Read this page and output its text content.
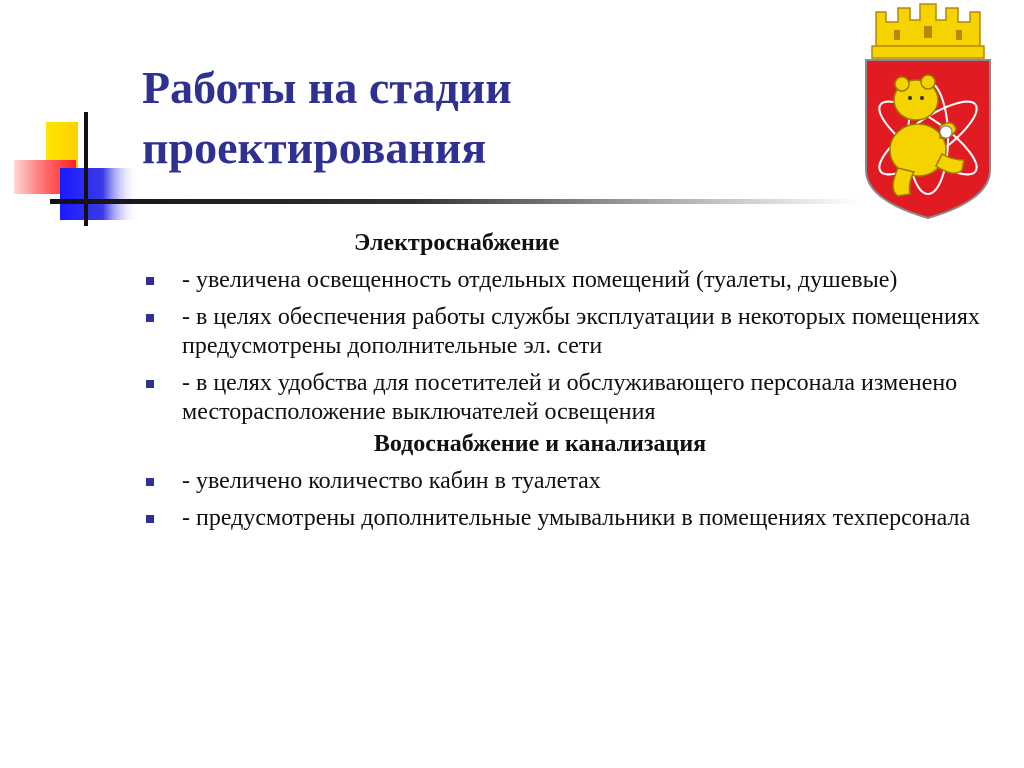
Работы на стадии
проектирования
Электроснабжение
- увеличена освещенность отдельных помещений (туалеты, душевые)
- в целях обеспечения работы службы эксплуатации в некоторых помещениях предусмотрены дополнительные эл. сети
- в целях удобства для посетителей и обслуживающего персонала изменено месторасположение выключателей освещения
Водоснабжение и канализация
- увеличено количество кабин в туалетах
- предусмотрены дополнительные умывальники в помещениях техперсонала
